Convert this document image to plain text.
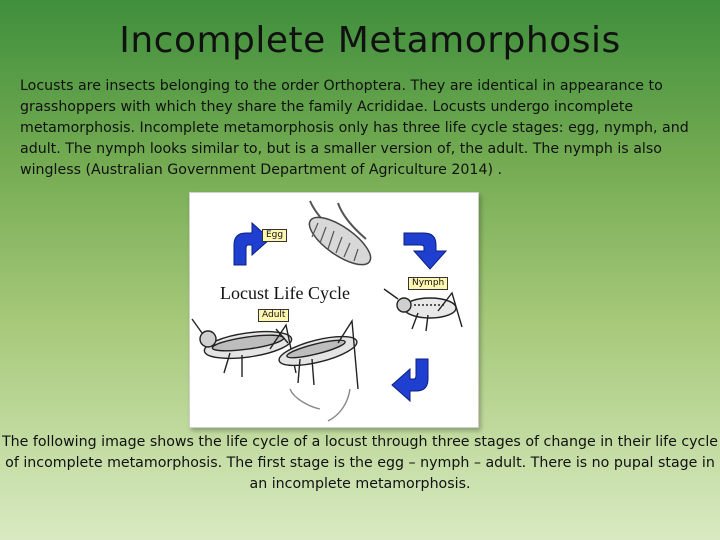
Incomplete Metamorphosis
Locusts are insects belonging to the order Orthoptera. They are identical in appearance to grasshoppers with which they share the family Acrididae. Locusts undergo incomplete metamorphosis. Incomplete metamorphosis only has three life cycle stages: egg, nymph, and adult. The nymph looks similar to, but is a smaller version of, the adult. The nymph is also wingless (Australian Government Department of Agriculture 2014) .
Egg
Nymph
Adult
Locust Life Cycle
The following image shows the life cycle of a locust through three stages of change in their life cycle of incomplete metamorphosis. The first stage is the egg – nymph – adult. There is no pupal stage in an incomplete metamorphosis.
